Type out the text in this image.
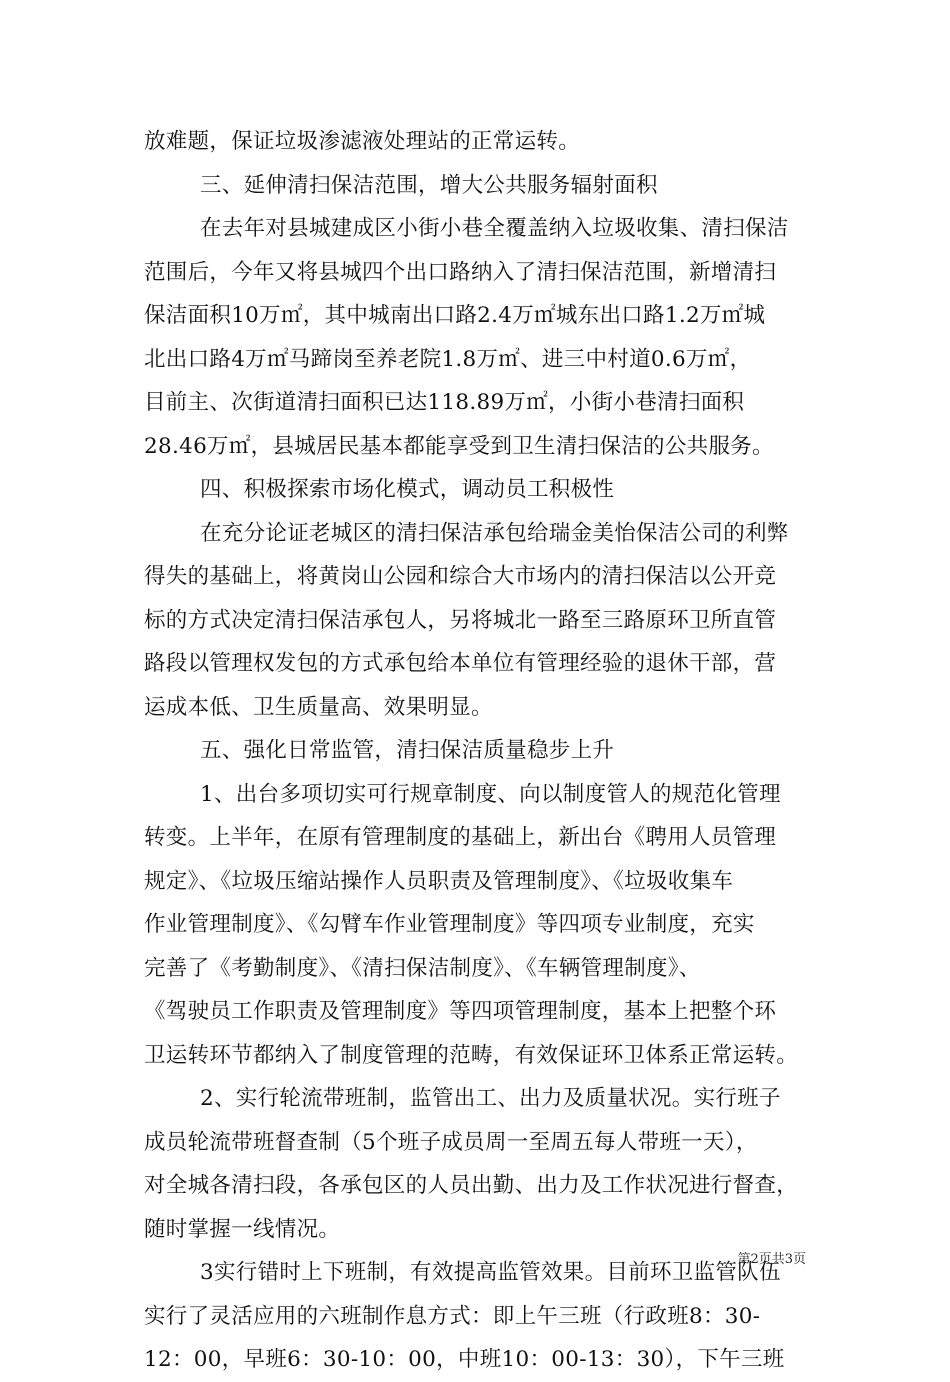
放难题，保证垃圾渗滤液处理站的正常运转。
三、延伸清扫保洁范围，增大公共服务辐射面积
在去年对县城建成区小街小巷全覆盖纳入垃圾收集、清扫保洁
范围后，今年又将县城四个出口路纳入了清扫保洁范围，新增清扫
保洁面积10万㎡，其中城南出口路2.4万㎡城东出口路1.2万㎡城
北出口路4万㎡马蹄岗至养老院1.8万㎡、进三中村道0.6万㎡，
目前主、次街道清扫面积已达118.89万㎡，小街小巷清扫面积
28.46万㎡，县城居民基本都能享受到卫生清扫保洁的公共服务。
四、积极探索市场化模式，调动员工积极性
在充分论证老城区的清扫保洁承包给瑞金美怡保洁公司的利弊
得失的基础上，将黄岗山公园和综合大市场内的清扫保洁以公开竞
标的方式决定清扫保洁承包人，另将城北一路至三路原环卫所直管
路段以管理权发包的方式承包给本单位有管理经验的退休干部，营
运成本低、卫生质量高、效果明显。
五、强化日常监管，清扫保洁质量稳步上升
1、出台多项切实可行规章制度、向以制度管人的规范化管理
转变。上半年，在原有管理制度的基础上，新出台《聘用人员管理
规定》、《垃圾压缩站操作人员职责及管理制度》、《垃圾收集车
作业管理制度》、《勾臂车作业管理制度》等四项专业制度，充实
完善了《考勤制度》、《清扫保洁制度》、《车辆管理制度》、
《驾驶员工作职责及管理制度》等四项管理制度，基本上把整个环
卫运转环节都纳入了制度管理的范畴，有效保证环卫体系正常运转。
2、实行轮流带班制，监管出工、出力及质量状况。实行班子
成员轮流带班督查制（5个班子成员周一至周五每人带班一天），
对全城各清扫段，各承包区的人员出勤、出力及工作状况进行督查，
随时掌握一线情况。
3实行错时上下班制，有效提高监管效果。目前环卫监管队伍
实行了灵活应用的六班制作息方式：即上午三班（行政班8：30-
12：00，早班6：30-10：00，中班10：00-13：30），下午三班
第2页共3页
